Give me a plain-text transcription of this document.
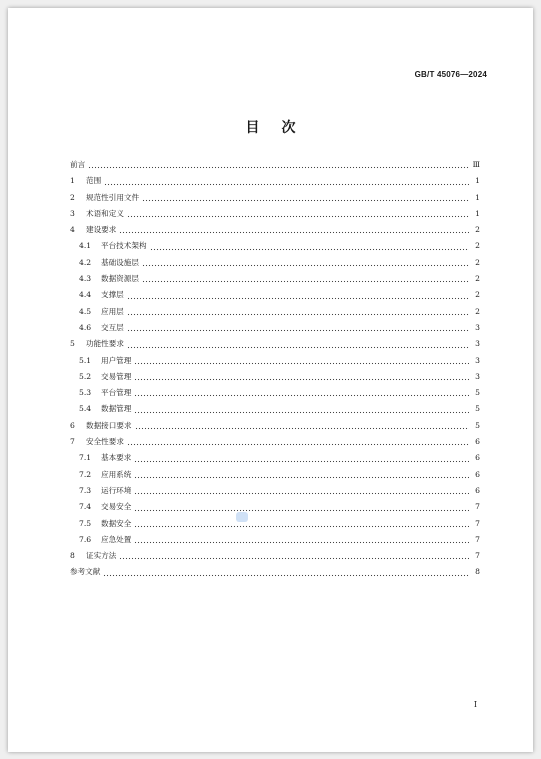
GB/T 45076—2024
目次
前言	Ⅲ
1	范围	1
2	规范性引用文件	1
3	术语和定义	1
4	建设要求	2
4.1	平台技术架构	2
4.2	基础设施层	2
4.3	数据资源层	2
4.4	支撑层	2
4.5	应用层	2
4.6	交互层	3
5	功能性要求	3
5.1	用户管理	3
5.2	交易管理	3
5.3	平台管理	5
5.4	数据管理	5
6	数据接口要求	5
7	安全性要求	6
7.1	基本要求	6
7.2	应用系统	6
7.3	运行环境	6
7.4	交易安全	7
7.5	数据安全	7
7.6	应急处置	7
8	证实方法	7
参考文献	8
I
